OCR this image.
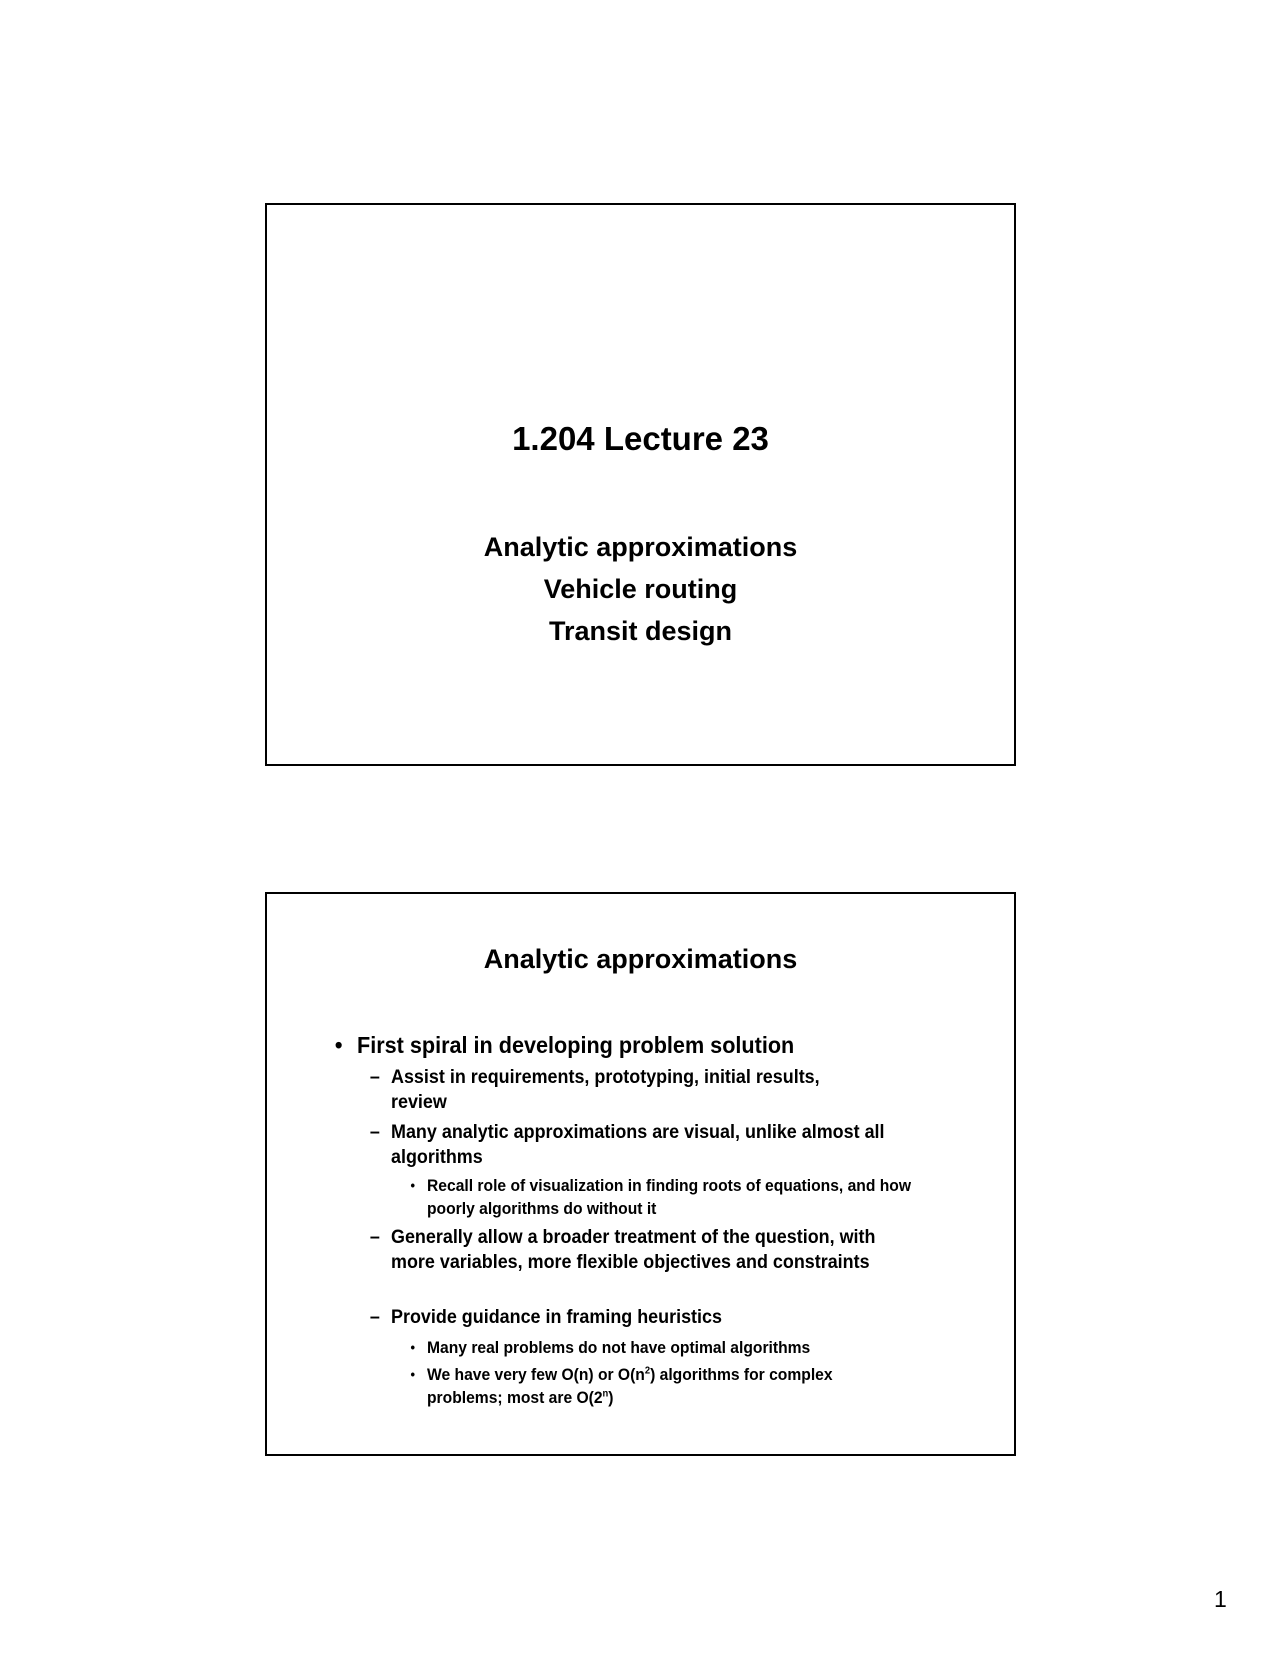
1.204 Lecture 23
Analytic approximations
Vehicle routing
Transit design
Analytic approximations
• First spiral in developing problem solution
– Assist in requirements, prototyping, initial results, review
– Many analytic approximations are visual, unlike almost all algorithms
• Recall role of visualization in finding roots of equations, and how poorly algorithms do without it
– Generally allow a broader treatment of the question, with more variables, more flexible objectives and constraints
– Provide guidance in framing heuristics
• Many real problems do not have optimal algorithms
• We have very few O(n) or $O(n^2)$ algorithms for complex problems; most are O(2$^n$)
1
